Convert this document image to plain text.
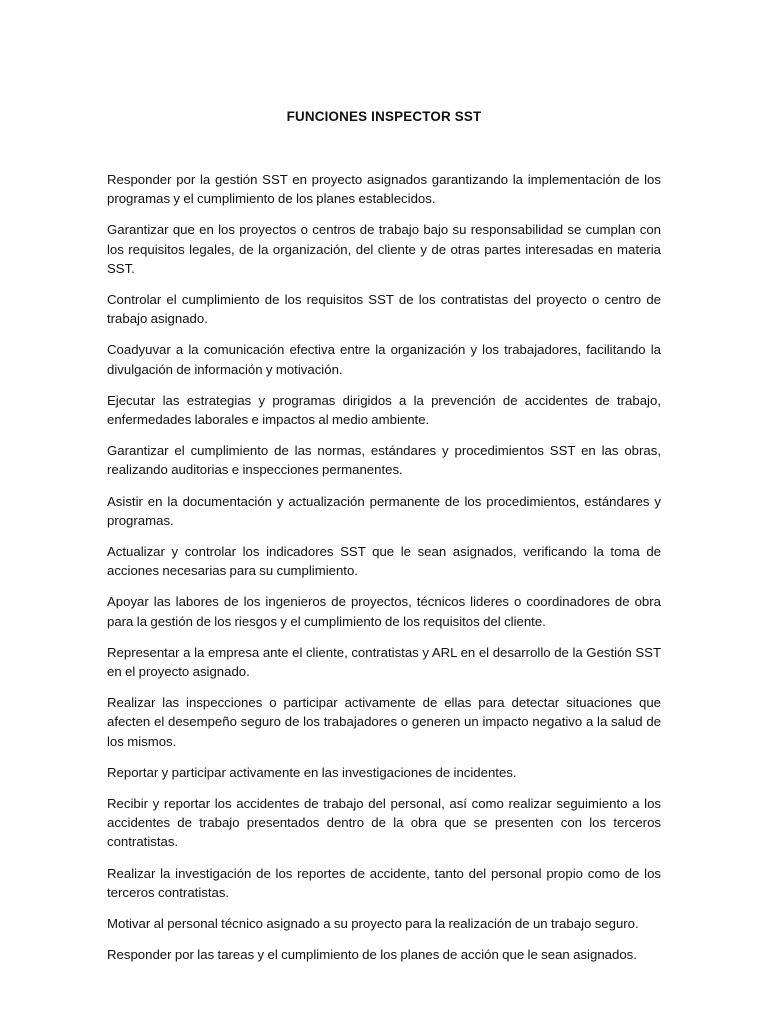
FUNCIONES INSPECTOR SST

Responder por la gestión SST en proyecto asignados garantizando la implementación de los programas y el cumplimiento de los planes establecidos.

Garantizar que en los proyectos o centros de trabajo bajo su responsabilidad se cumplan con los requisitos legales, de la organización, del cliente y de otras partes interesadas en materia SST.

Controlar el cumplimiento de los requisitos SST de los contratistas del proyecto o centro de trabajo asignado.

Coadyuvar a la comunicación efectiva entre la organización y los trabajadores, facilitando la divulgación de información y motivación.

Ejecutar las estrategias y programas dirigidos a la prevención de accidentes de trabajo, enfermedades laborales e impactos al medio ambiente.

Garantizar el cumplimiento de las normas, estándares y procedimientos SST en las obras, realizando auditorias e inspecciones permanentes.

Asistir en la documentación y actualización permanente de los procedimientos, estándares y programas.

Actualizar y controlar los indicadores SST que le sean asignados, verificando la toma de acciones necesarias para su cumplimiento.

Apoyar las labores de los ingenieros de proyectos, técnicos lideres o coordinadores de obra para la gestión de los riesgos y el cumplimiento de los requisitos del cliente.

Representar a la empresa ante el cliente, contratistas y ARL en el desarrollo de la Gestión SST en el proyecto asignado.

Realizar las inspecciones o participar activamente de ellas para detectar situaciones que afecten el desempeño seguro de los trabajadores o generen un impacto negativo a la salud de los mismos.

Reportar y participar activamente en las investigaciones de incidentes.

Recibir y reportar los accidentes de trabajo del personal, así como realizar seguimiento a los accidentes de trabajo presentados dentro de la obra que se presenten con los terceros contratistas.

Realizar la investigación de los reportes de accidente, tanto del personal propio como de los terceros contratistas.

Motivar al personal técnico asignado a su proyecto para la realización de un trabajo seguro.

Responder por las tareas y el cumplimiento de los planes de acción que le sean asignados.
